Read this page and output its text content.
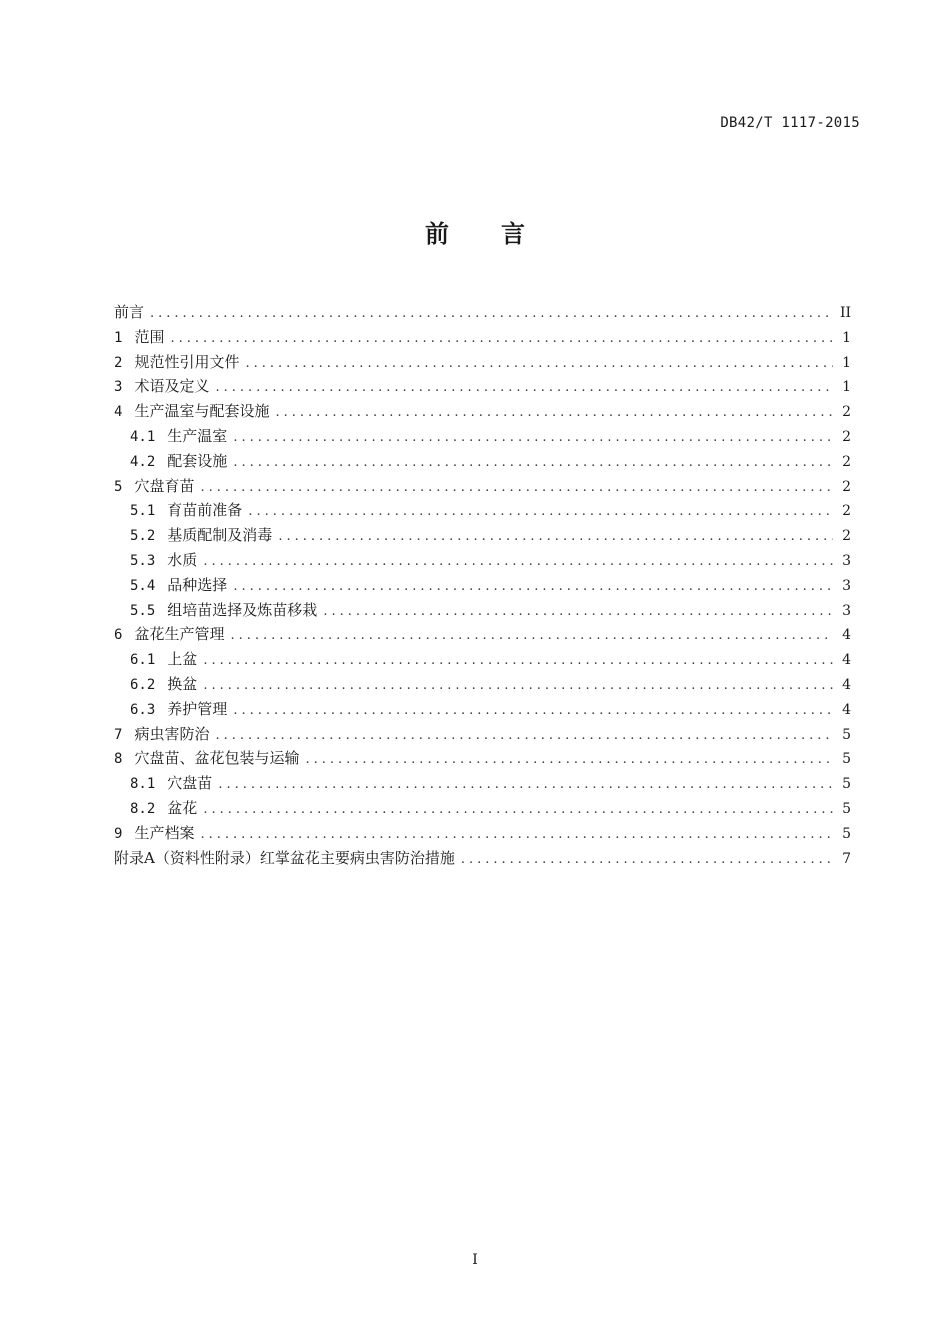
DB42/T 1117-2015
前 言
前言 .....	II
1 范围 .....	1
2 规范性引用文件 .....	1
3 术语及定义 .....	1
4 生产温室与配套设施 .....	2
4.1 生产温室 .....	2
4.2 配套设施 .....	2
5 穴盘育苗 .....	2
5.1 育苗前准备 .....	2
5.2 基质配制及消毒 .....	2
5.3 水质 .....	3
5.4 品种选择 .....	3
5.5 组培苗选择及炼苗移栽 .....	3
6 盆花生产管理 .....	4
6.1 上盆 .....	4
6.2 换盆 .....	4
6.3 养护管理 .....	4
7 病虫害防治 .....	5
8 穴盘苗、盆花包装与运输 .....	5
8.1 穴盘苗 .....	5
8.2 盆花 .....	5
9 生产档案 .....	5
附录A（资料性附录）红掌盆花主要病虫害防治措施 .....	7
I
